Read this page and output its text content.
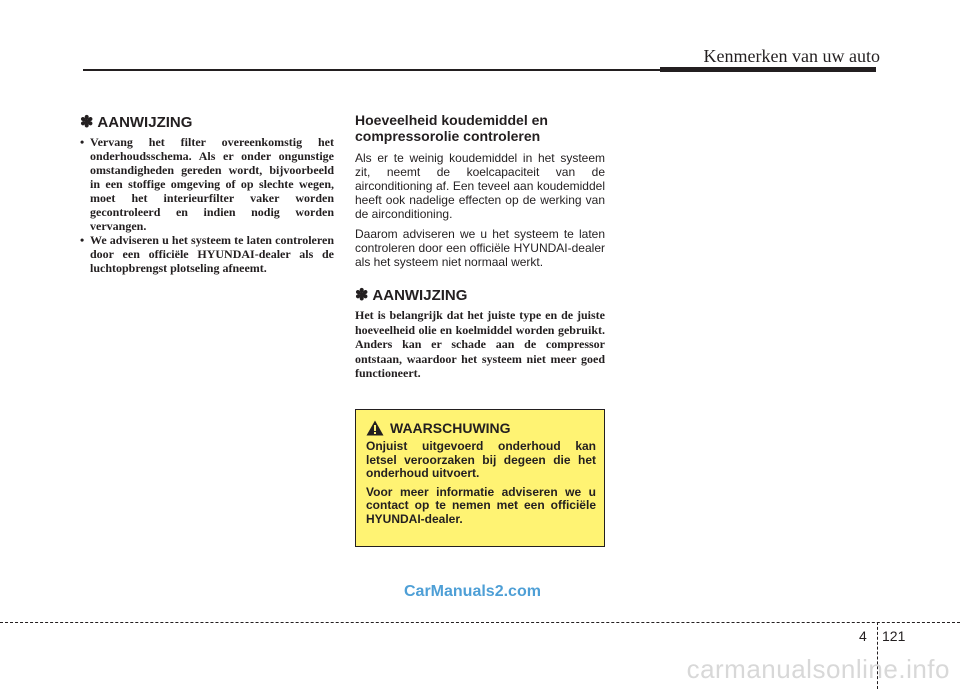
Kenmerken van uw auto
✽ AANWIJZING
• Vervang het filter overeenkomstig het onderhoudsschema. Als er onder ongunstige omstandigheden gereden wordt, bijvoorbeeld in een stoffige omgeving of op slechte wegen, moet het interieurfilter vaker worden gecontroleerd en indien nodig worden vervangen.

• We adviseren u het systeem te laten controleren door een officiële HYUNDAI-dealer als de luchtopbrengst plotseling afneemt.

Hoeveelheid koudemiddel en compressorolie controleren

Als er te weinig koudemiddel in het systeem zit, neemt de koelcapaciteit van de airconditioning af. Een teveel aan koudemiddel heeft ook nadelige effecten op de werking van de airconditioning.

Daarom adviseren we u het systeem te laten controleren door een officiële HYUNDAI-dealer als het systeem niet normaal werkt.

✽ AANWIJZING

Het is belangrijk dat het juiste type en de juiste hoeveelheid olie en koelmiddel worden gebruikt. Anders kan er schade aan de compressor ontstaan, waardoor het systeem niet meer goed functioneert.

WAARSCHUWING

Onjuist uitgevoerd onderhoud kan letsel veroorzaken bij degeen die het onderhoud uitvoert.

Voor meer informatie adviseren we u contact op te nemen met een officiële HYUNDAI-dealer.

CarManuals2.com
4 121
carmanualsonline.info
